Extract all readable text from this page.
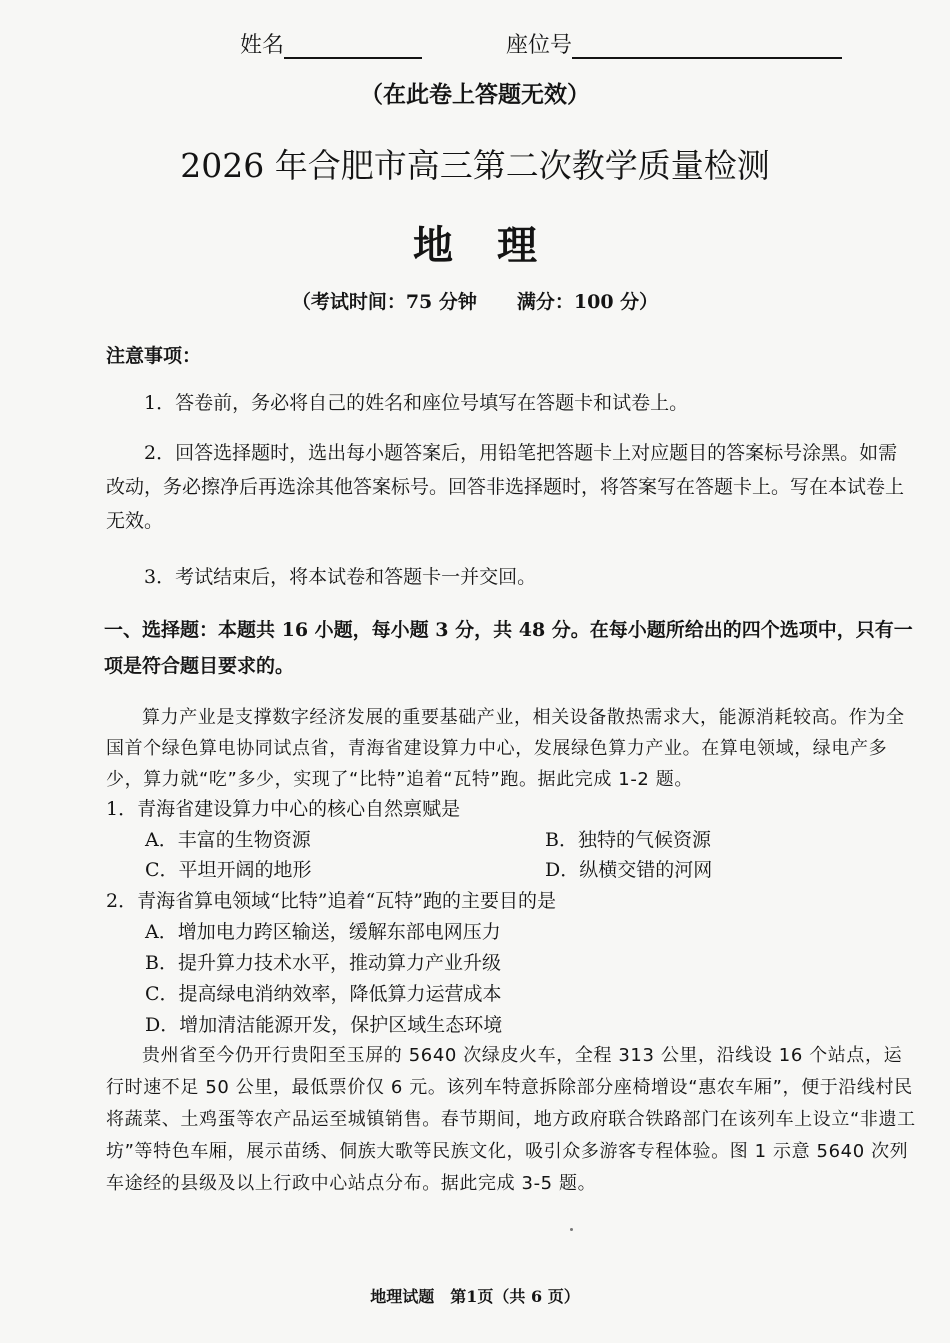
姓名	座位号
（在此卷上答题无效）
2026 年合肥市高三第二次教学质量检测
地理
（考试时间：75 分钟 满分：100 分）
注意事项：
1．答卷前，务必将自己的姓名和座位号填写在答题卡和试卷上。
2．回答选择题时，选出每小题答案后，用铅笔把答题卡上对应题目的答案标号涂黑。如需改动，务必擦净后再选涂其他答案标号。回答非选择题时，将答案写在答题卡上。写在本试卷上无效。
3．考试结束后，将本试卷和答题卡一并交回。
一、选择题：本题共 16 小题，每小题 3 分，共 48 分。在每小题所给出的四个选项中，只有一项是符合题目要求的。
算力产业是支撑数字经济发展的重要基础产业，相关设备散热需求大，能源消耗较高。作为全国首个绿色算电协同试点省，青海省建设算力中心，发展绿色算力产业。在算电领域，绿电产多少，算力就“吃”多少，实现了“比特”追着“瓦特”跑。据此完成 1-2 题。
1．青海省建设算力中心的核心自然禀赋是
A．丰富的生物资源	B．独特的气候资源
C．平坦开阔的地形	D．纵横交错的河网
2．青海省算电领域“比特”追着“瓦特”跑的主要目的是
A．增加电力跨区输送，缓解东部电网压力
B．提升算力技术水平，推动算力产业升级
C．提高绿电消纳效率，降低算力运营成本
D．增加清洁能源开发，保护区域生态环境
贵州省至今仍开行贵阳至玉屏的 5640 次绿皮火车，全程 313 公里，沿线设 16 个站点，运行时速不足 50 公里，最低票价仅 6 元。该列车特意拆除部分座椅增设“惠农车厢”，便于沿线村民将蔬菜、土鸡蛋等农产品运至城镇销售。春节期间，地方政府联合铁路部门在该列车上设立“非遗工坊”等特色车厢，展示苗绣、侗族大歌等民族文化，吸引众多游客专程体验。图 1 示意 5640 次列车途经的县级及以上行政中心站点分布。据此完成 3-5 题。
地理试题　第1页（共 6 页）
